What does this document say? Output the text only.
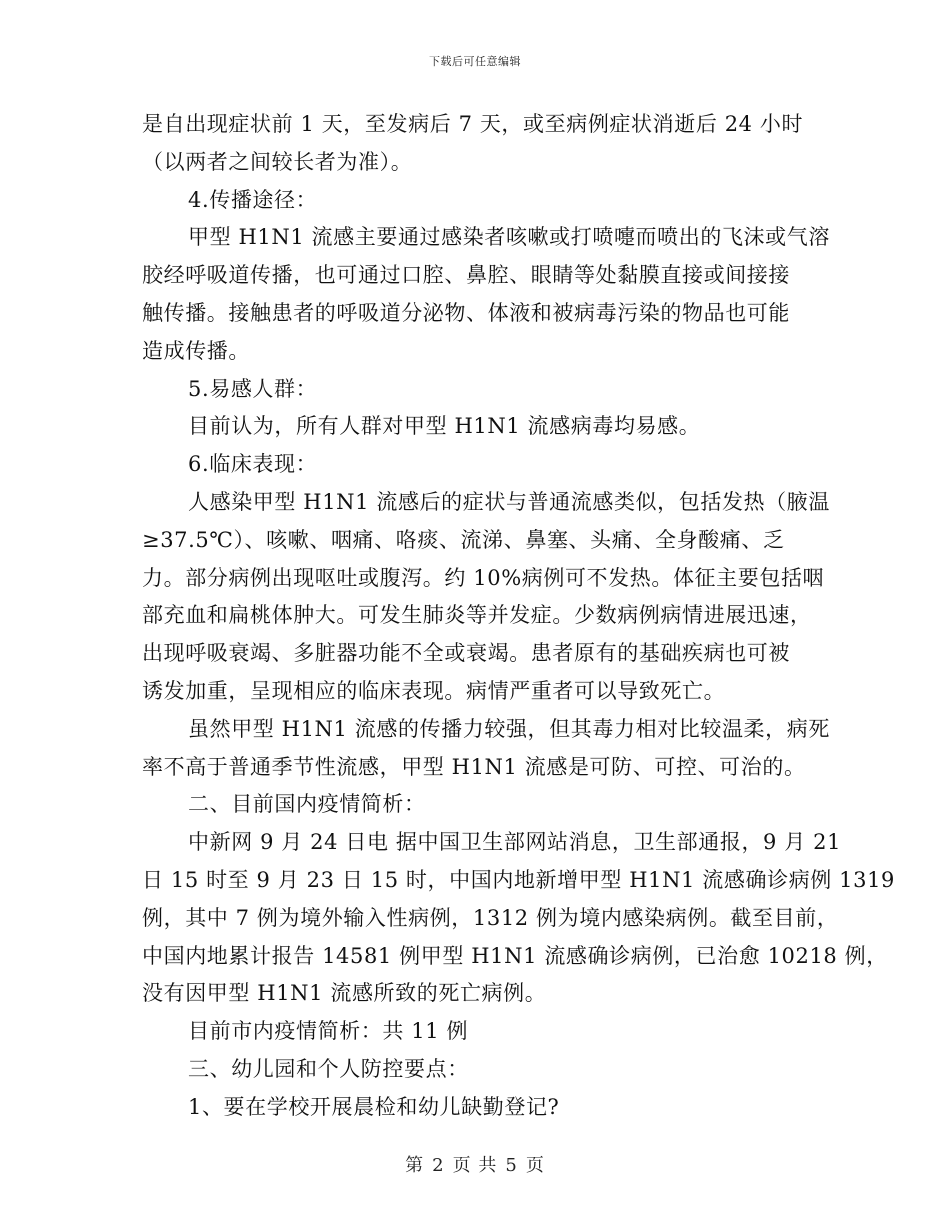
下载后可任意编辑
是自出现症状前 1 天，至发病后 7 天，或至病例症状消逝后 24 小时
（以两者之间较长者为准）。
4.传播途径：
甲型 H1N1 流感主要通过感染者咳嗽或打喷嚏而喷出的飞沫或气溶
胶经呼吸道传播，也可通过口腔、鼻腔、眼睛等处黏膜直接或间接接
触传播。接触患者的呼吸道分泌物、体液和被病毒污染的物品也可能
造成传播。
5.易感人群：
目前认为，所有人群对甲型 H1N1 流感病毒均易感。
6.临床表现：
人感染甲型 H1N1 流感后的症状与普通流感类似，包括发热（腋温
≥37.5℃）、咳嗽、咽痛、咯痰、流涕、鼻塞、头痛、全身酸痛、乏
力。部分病例出现呕吐或腹泻。约 10%病例可不发热。体征主要包括咽
部充血和扁桃体肿大。可发生肺炎等并发症。少数病例病情进展迅速，
出现呼吸衰竭、多脏器功能不全或衰竭。患者原有的基础疾病也可被
诱发加重，呈现相应的临床表现。病情严重者可以导致死亡。
虽然甲型 H1N1 流感的传播力较强，但其毒力相对比较温柔，病死
率不高于普通季节性流感，甲型 H1N1 流感是可防、可控、可治的。
二、目前国内疫情简析：
中新网 9 月 24 日电 据中国卫生部网站消息，卫生部通报，9 月 21
日 15 时至 9 月 23 日 15 时，中国内地新增甲型 H1N1 流感确诊病例 1319
例，其中 7 例为境外输入性病例，1312 例为境内感染病例。截至目前，
中国内地累计报告 14581 例甲型 H1N1 流感确诊病例，已治愈 10218 例，
没有因甲型 H1N1 流感所致的死亡病例。
目前市内疫情简析：共 11 例
三、幼儿园和个人防控要点：
1、要在学校开展晨检和幼儿缺勤登记?
第 2 页 共 5 页
